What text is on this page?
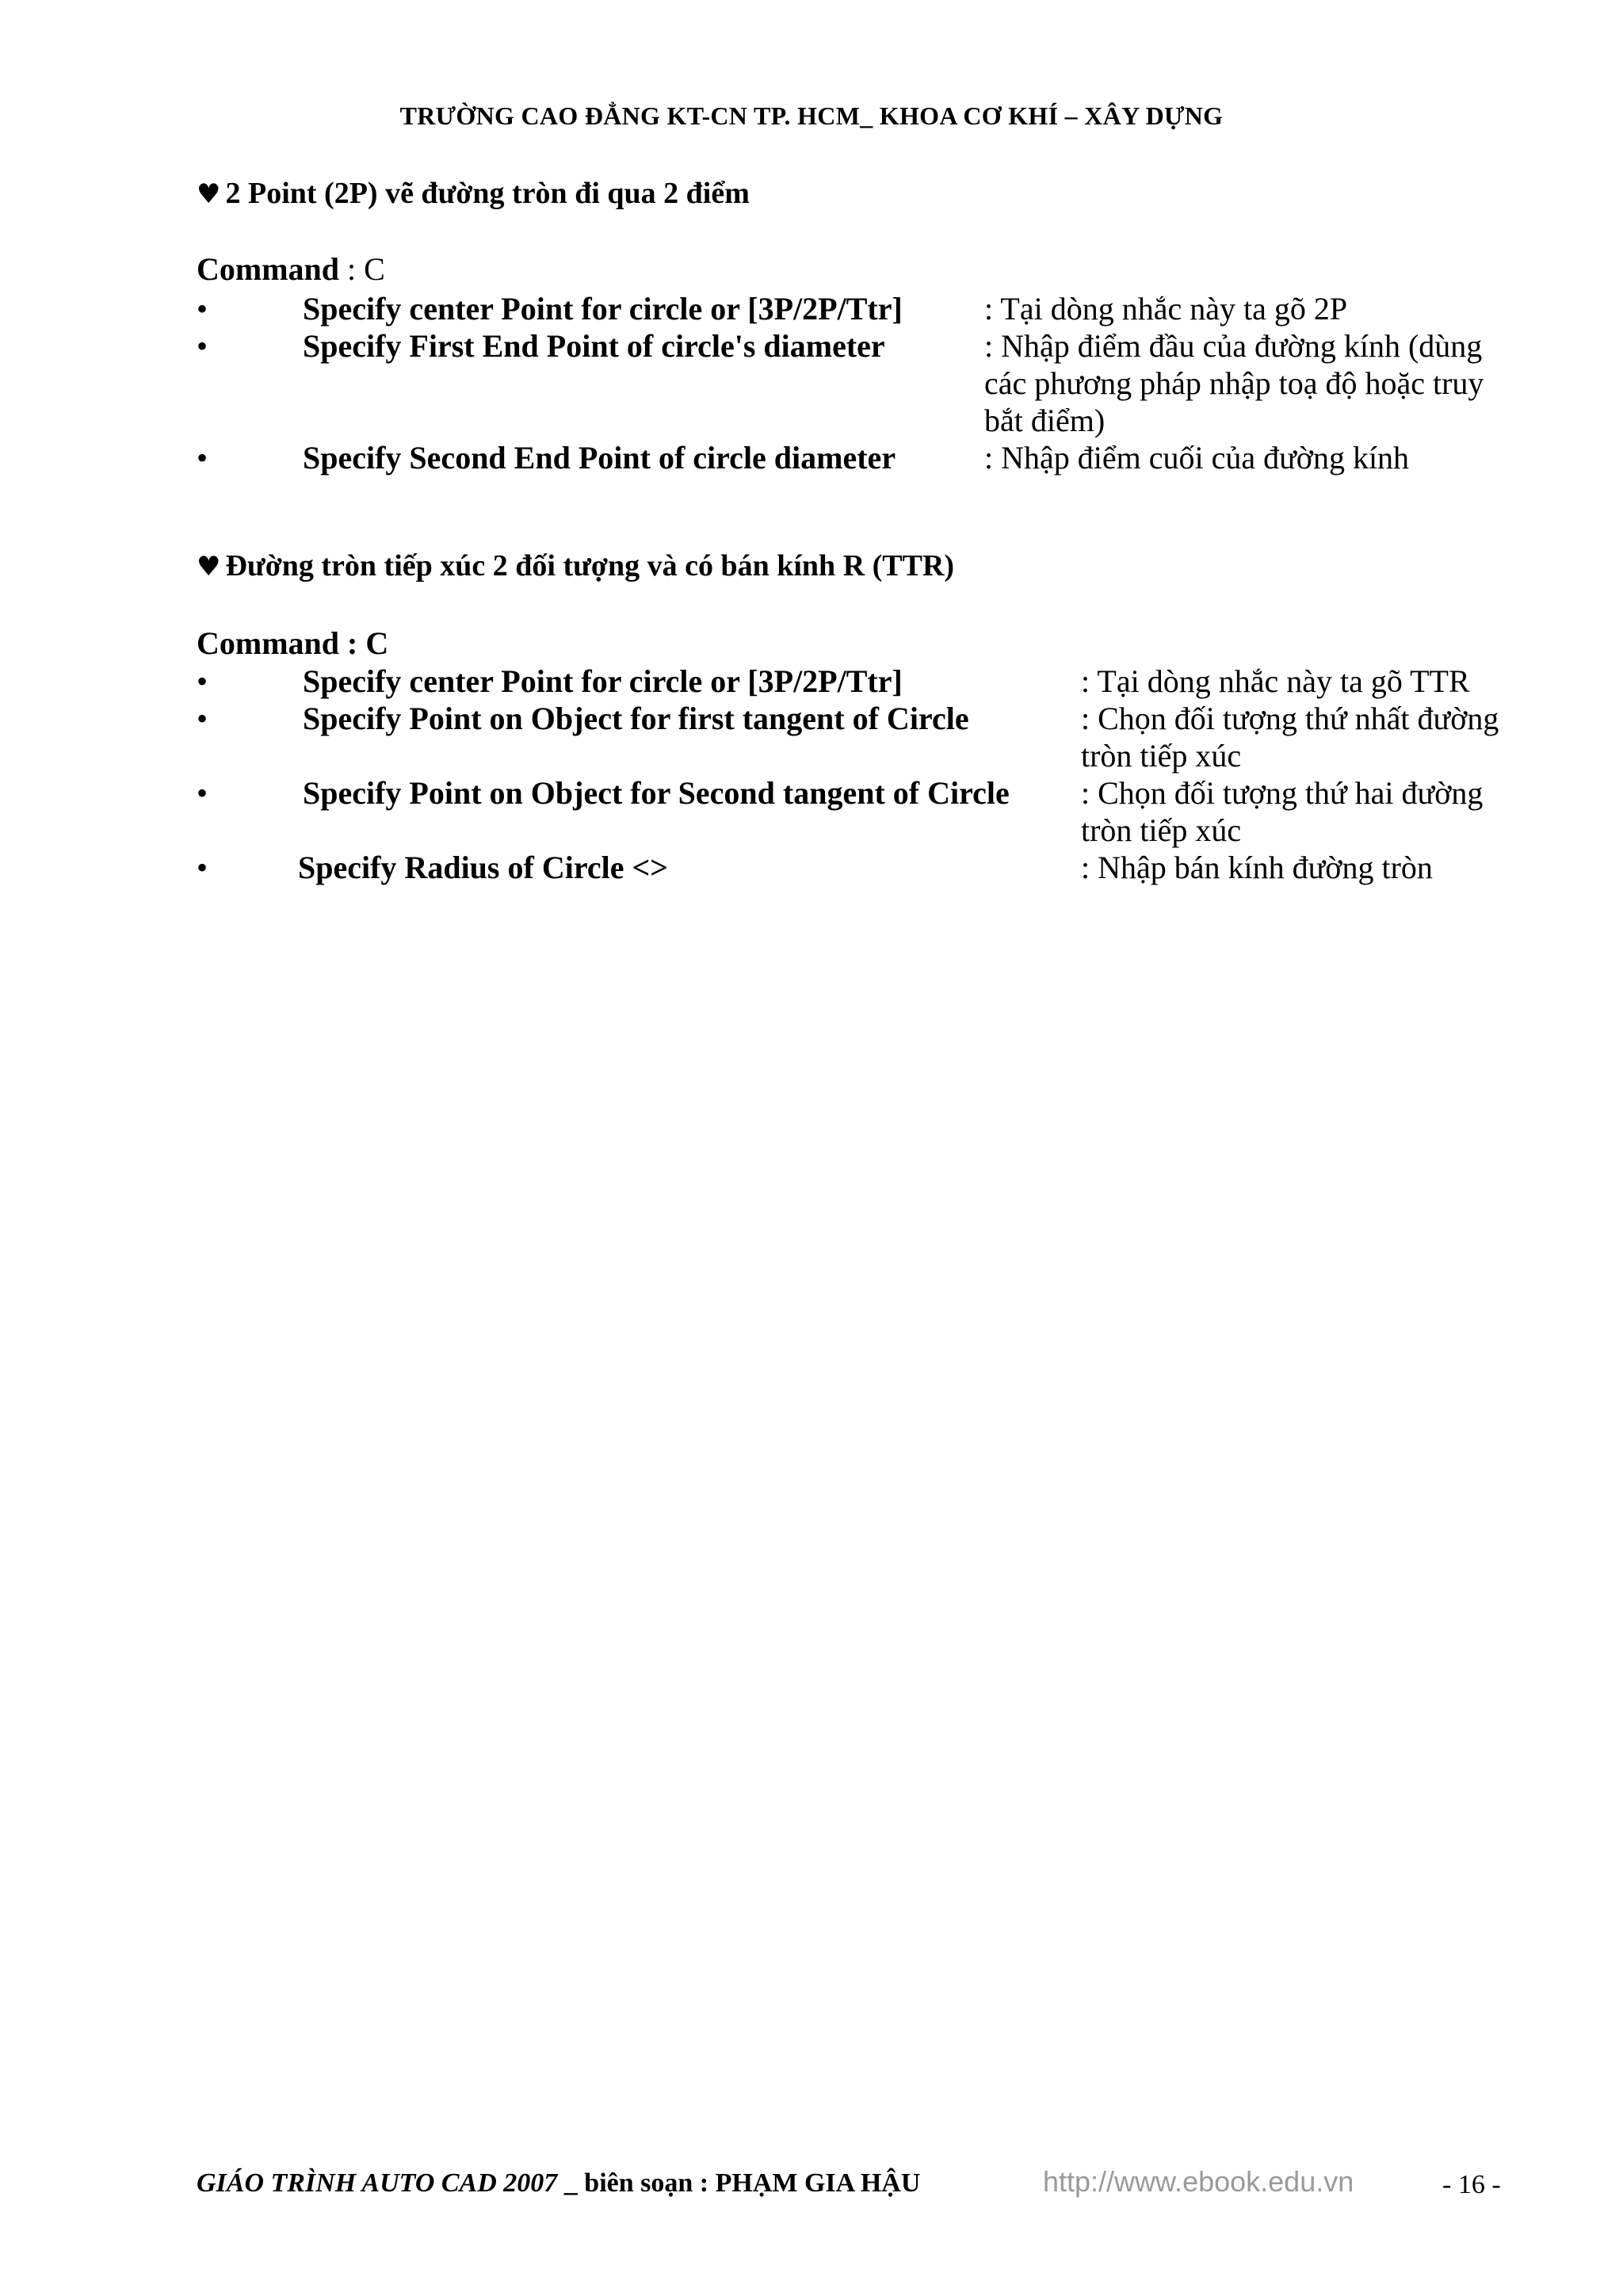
TRƯỜNG CAO ĐẲNG KT-CN TP. HCM_ KHOA CƠ KHÍ – XÂY DỰNG
♥ 2 Point (2P) vẽ đường tròn đi qua 2 điểm
Command : C
•	Specify center Point for circle or [3P/2P/Ttr]	: Tại dòng nhắc này ta gõ 2P
•	Specify First End Point of circle's diameter	: Nhập điểm đầu của đường kính (dùng các phương pháp nhập toạ độ hoặc truy bắt điểm)
•	Specify Second End Point of circle diameter	: Nhập điểm cuối của đường kính
♥ Đường tròn tiếp xúc 2 đối tượng và có bán kính R (TTR)
Command : C
•	Specify center Point for circle or [3P/2P/Ttr]	: Tại dòng nhắc này ta gõ TTR
•	Specify Point on Object for first tangent of Circle	: Chọn đối tượng thứ nhất đường tròn tiếp xúc
•	Specify Point on Object for Second tangent of Circle : Chọn đối tượng thứ hai đường tròn tiếp xúc
•	Specify Radius of Circle <>	: Nhập bán kính đường tròn
GIÁO TRÌNH AUTO CAD 2007 _ biên soạn : PHẠM GIA HẬU	http://www.ebook.edu.vn	- 16 -
